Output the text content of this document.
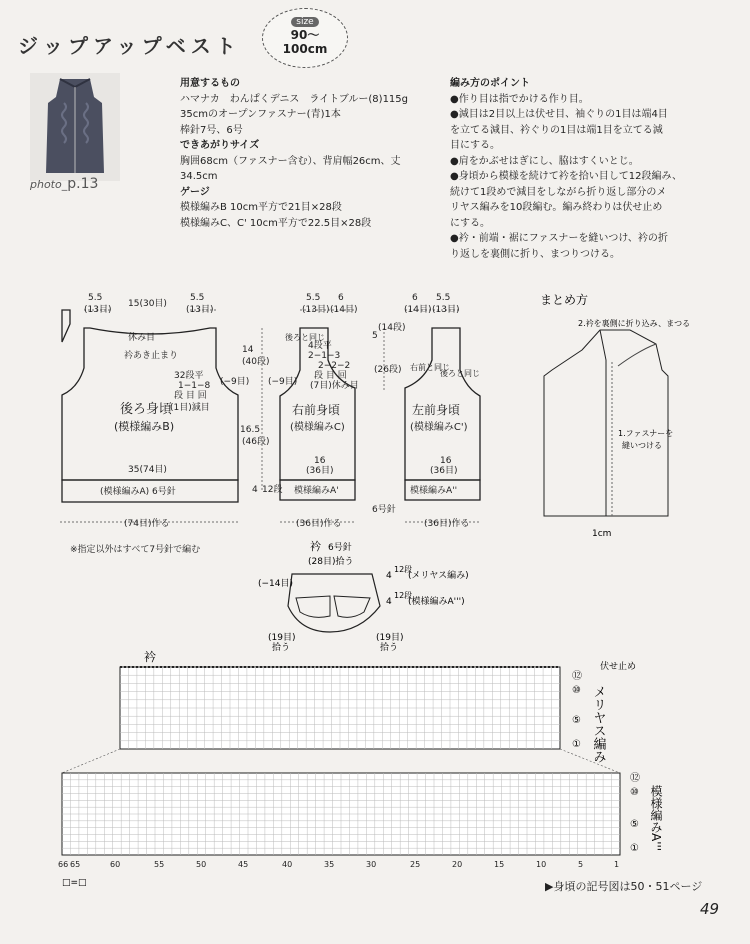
ジップアップベスト
size
90〜
100cm
photo_p.13
用意するもの
ハマナカ　わんぱくデニス　ライトブルー(8)115g
35cmのオープンファスナー(青)1本
棒針7号、6号
できあがりサイズ
胸囲68cm（ファスナー含む）、背肩幅26cm、丈
34.5cm
ゲージ
模様編みB 10cm平方で21目×28段
模様編みC、C' 10cm平方で22.5目×28段
編み方のポイント
●作り目は指でかける作り目。
●減目は2目以上は伏せ目、袖ぐりの1目は端4目
を立てる減目、衿ぐりの1目は端1目を立てる減
目にする。
●肩をかぶせはぎにし、脇はすくいとじ。
●身頃から模様を続けて衿を拾い目して12段編み、
続けて1段めで減目をしながら折り返し部分のメ
リヤス編みを10段編む。編み終わりは伏せ止め
にする。
●衿・前端・裾にファスナーを縫いつけ、衿の折
り返しを裏側に折り、まつりつける。
5.5
(13目)
15(30目)
5.5
(13目)
休み目
衿あき止まり
32段平
1−1−8
段 目 回
(−9目) (−9目)
(1目)減目
後ろ身頃
(模様編みB)
14
(40段)
16.5
(46段)
4 12段
35(74目)
(模様編みA) 6号針
(74目)作る
5.5 6
(13目) (14目)
後ろと同じ
4段平
2−1−3
2−2−2
段 目 回
(7目)休み目
右前身頃
(模様編みC)
16
(36目)
模様編みA'
(36目)作る
6 5.5
(14目) (13目)
5
(14段)
(26段) 右前と同じ
後ろと同じ
左前身頃
(模様編みC')
16
(36目)
模様編みA''
(36目)作る
6号針
まとめ方
2.衿を裏側に折り込み、まつる
1.ファスナーを
縫いつける
1cm
衿 6号針
(28目)拾う
(−14目)
4
12段
(メリヤス編み)
4
12段
(模様編みA''')
(19目)
拾う
(19目)
拾う
※指定以外はすべて7号針で編む
衿
伏せ止め
⑫
⑩
⑤
① メリヤス編み
⑫
⑩
⑤
① 模様編みA'''
66 65	60	55	50	45	40	35	30	25	20	15	10	5	1
□=□	▶身頃の記号図は50・51ページ
49
